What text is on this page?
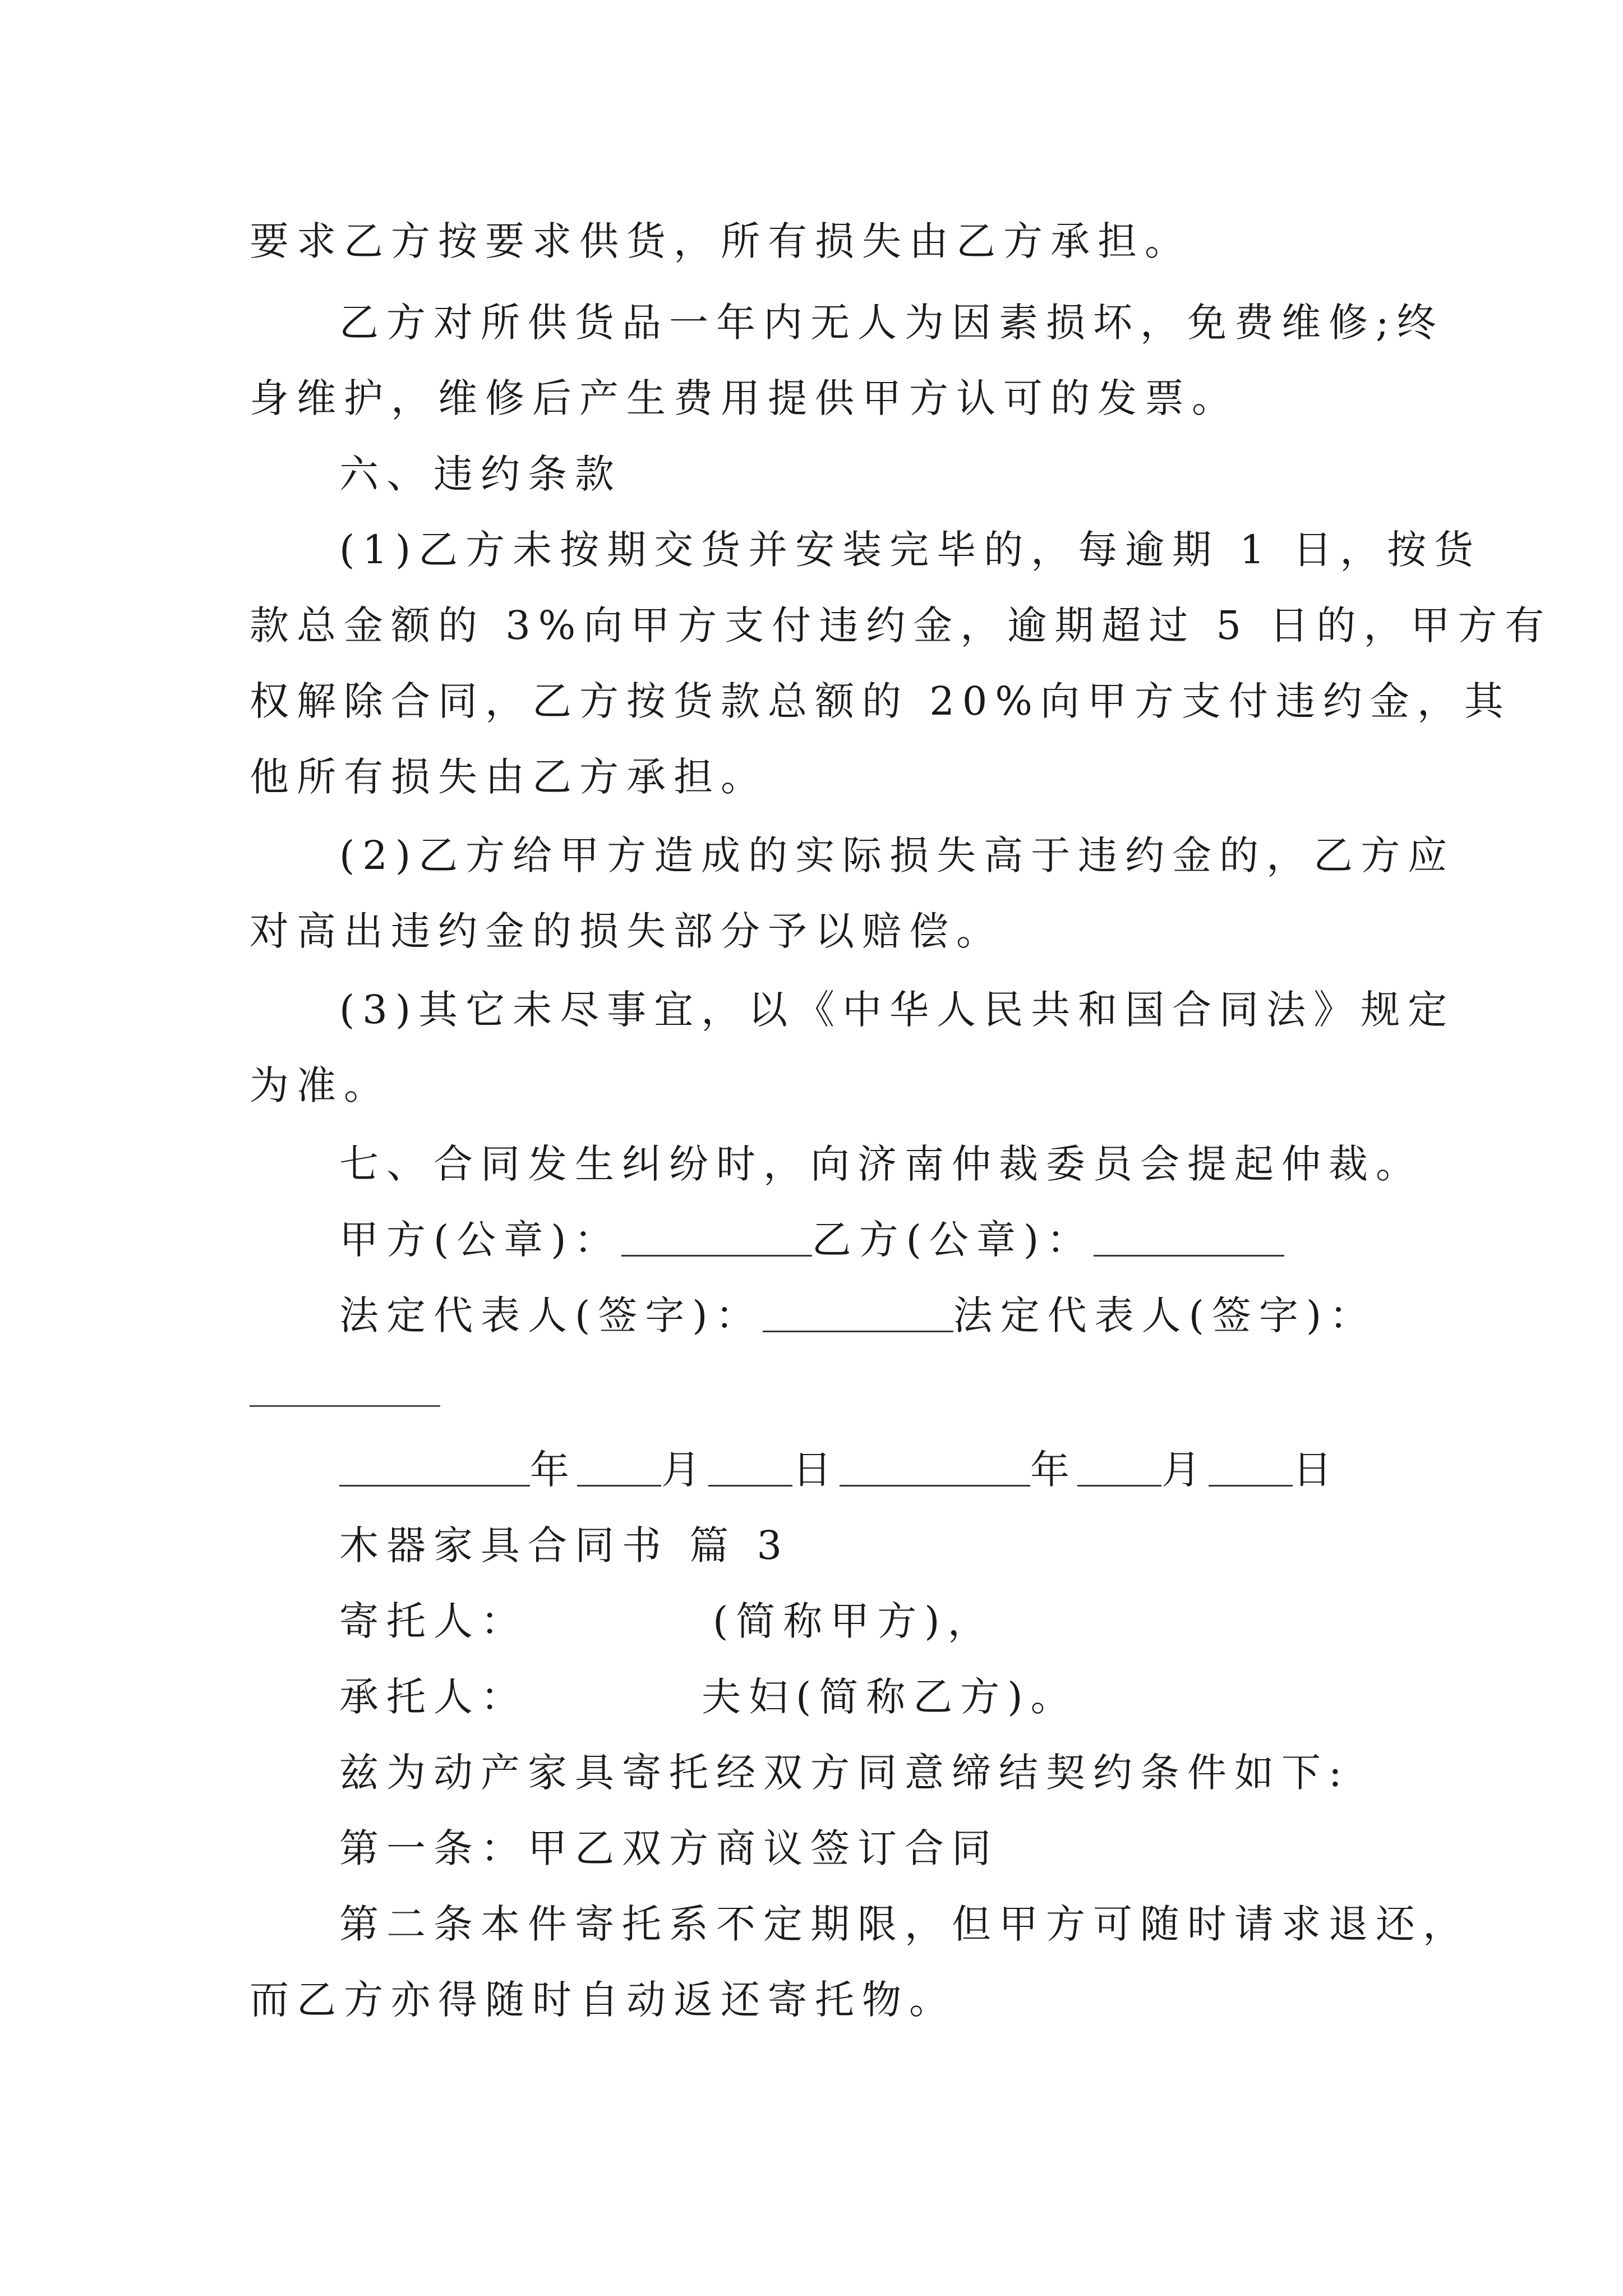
要求乙方按要求供货，所有损失由乙方承担。
乙方对所供货品一年内无人为因素损坏，免费维修;终
身维护，维修后产生费用提供甲方认可的发票。
六、违约条款
(1)乙方未按期交货并安装完毕的，每逾期 1 日，按货
款总金额的 3%向甲方支付违约金，逾期超过 5 日的，甲方有
权解除合同，乙方按货款总额的 20%向甲方支付违约金，其
他所有损失由乙方承担。
(2)乙方给甲方造成的实际损失高于违约金的，乙方应
对高出违约金的损失部分予以赔偿。
(3)其它未尽事宜，以《中华人民共和国合同法》规定
为准。
七、合同发生纠纷时，向济南仲裁委员会提起仲裁。
甲方(公章)：	乙方(公章)：
法定代表人(签字)：	法定代表人(签字)：
年 月 日	年 月 日
木器家具合同书 篇 3
寄托人：	(简称甲方)，
承托人：	夫妇(简称乙方)。
兹为动产家具寄托经双方同意缔结契约条件如下:
第一条：甲乙双方商议签订合同
第二条本件寄托系不定期限，但甲方可随时请求退还，
而乙方亦得随时自动返还寄托物。
